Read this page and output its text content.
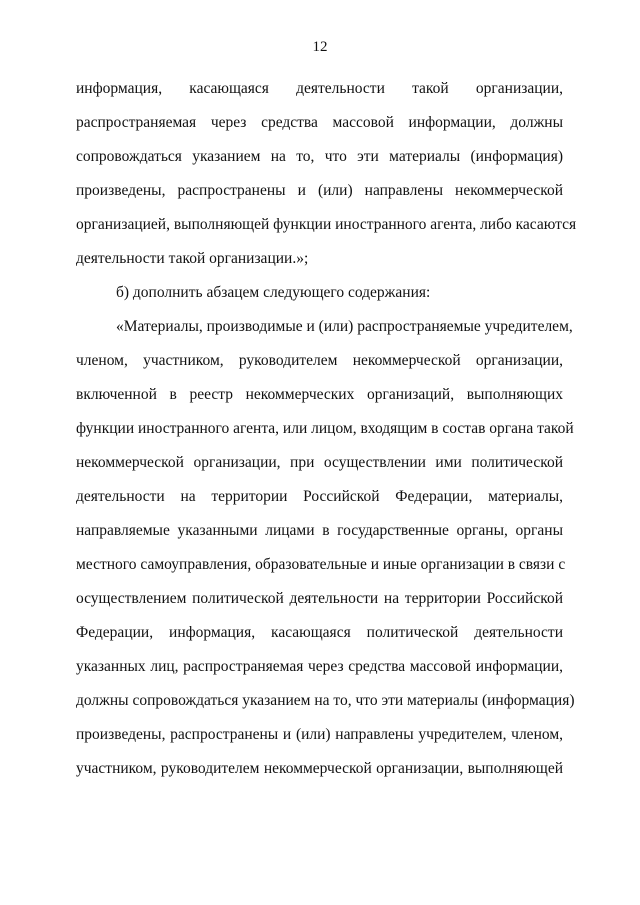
12
информация, касающаяся деятельности такой организации,
распространяемая через средства массовой информации, должны
сопровождаться указанием на то, что эти материалы (информация)
произведены, распространены и (или) направлены некоммерческой
организацией, выполняющей функции иностранного агента, либо касаются
деятельности такой организации.»;
б) дополнить абзацем следующего содержания:
«Материалы, производимые и (или) распространяемые учредителем,
членом, участником, руководителем некоммерческой организации,
включенной в реестр некоммерческих организаций, выполняющих
функции иностранного агента, или лицом, входящим в состав органа такой
некоммерческой организации, при осуществлении ими политической
деятельности на территории Российской Федерации, материалы,
направляемые указанными лицами в государственные органы, органы
местного самоуправления, образовательные и иные организации в связи с
осуществлением политической деятельности на территории Российской
Федерации, информация, касающаяся политической деятельности
указанных лиц, распространяемая через средства массовой информации,
должны сопровождаться указанием на то, что эти материалы (информация)
произведены, распространены и (или) направлены учредителем, членом,
участником, руководителем некоммерческой организации, выполняющей
